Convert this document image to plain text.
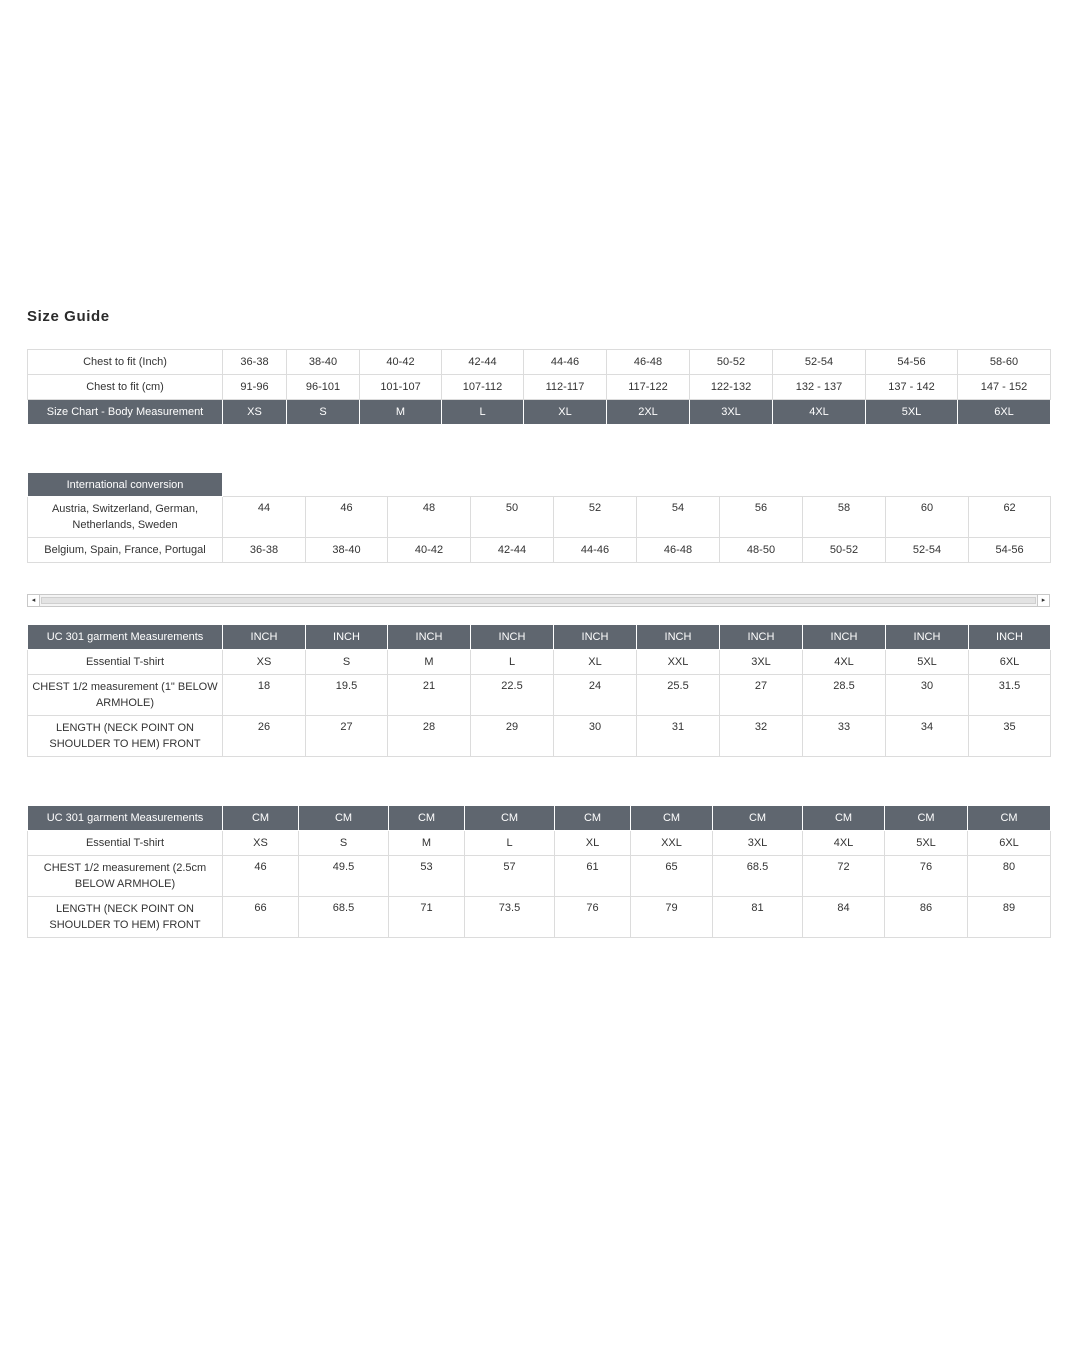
Size Guide
Chest to fit (Inch)	36-38	38-40	40-42	42-44	44-46	46-48	50-52	52-54	54-56	58-60
Chest to fit (cm)	91-96	96-101	101-107	107-112	112-117	117-122	122-132	132 - 137	137 - 142	147 - 152
Size Chart - Body Measurement	XS	S	M	L	XL	2XL	3XL	4XL	5XL	6XL
International conversion										
Austria, Switzerland, German, Netherlands, Sweden	44	46	48	50	52	54	56	58	60	62
Belgium, Spain, France, Portugal	36-38	38-40	40-42	42-44	44-46	46-48	48-50	50-52	52-54	54-56
◂	▸
UC 301 garment Measurements	INCH	INCH	INCH	INCH	INCH	INCH	INCH	INCH	INCH	INCH
Essential T-shirt	XS	S	M	L	XL	XXL	3XL	4XL	5XL	6XL
CHEST 1/2 measurement (1" BELOW ARMHOLE)	18	19.5	21	22.5	24	25.5	27	28.5	30	31.5
LENGTH (NECK POINT ON SHOULDER TO HEM) FRONT	26	27	28	29	30	31	32	33	34	35
UC 301 garment Measurements	CM	CM	CM	CM	CM	CM	CM	CM	CM	CM
Essential T-shirt	XS	S	M	L	XL	XXL	3XL	4XL	5XL	6XL
CHEST 1/2 measurement (2.5cm BELOW ARMHOLE)	46	49.5	53	57	61	65	68.5	72	76	80
LENGTH (NECK POINT ON SHOULDER TO HEM) FRONT	66	68.5	71	73.5	76	79	81	84	86	89
